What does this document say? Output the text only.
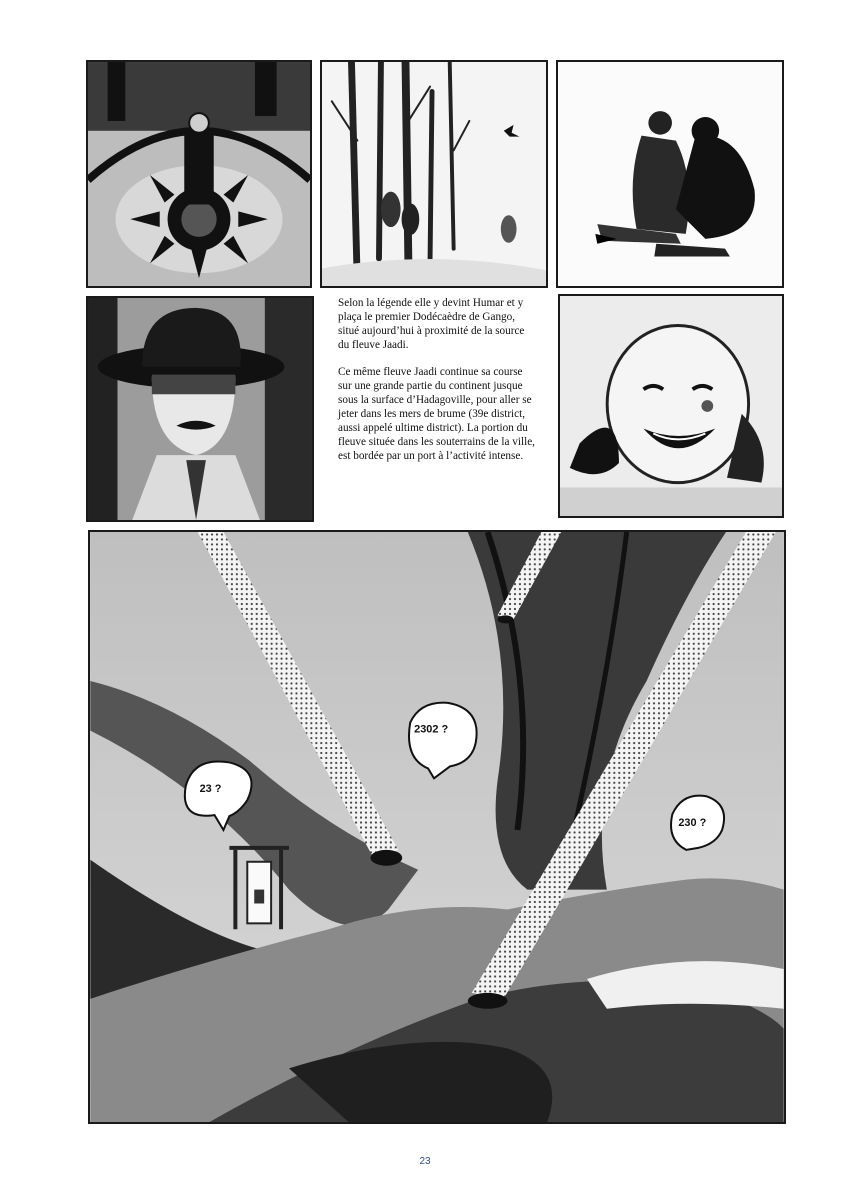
Selon la légende elle y devint Humar et y plaça le premier Dodécaèdre de Gango, situé aujourd’hui à proximité de la source du fleuve Jaadi.

Ce même fleuve Jaadi continue sa course sur une grande partie du continent jusque sous la surface d’Hadagoville, pour aller se jeter dans les mers de brume (39e district, aussi appelé ultime district). La portion du fleuve située dans les souterrains de la ville, est bordée par un port à l’activité intense.

23 ?
2302 ?
230 ?
23
